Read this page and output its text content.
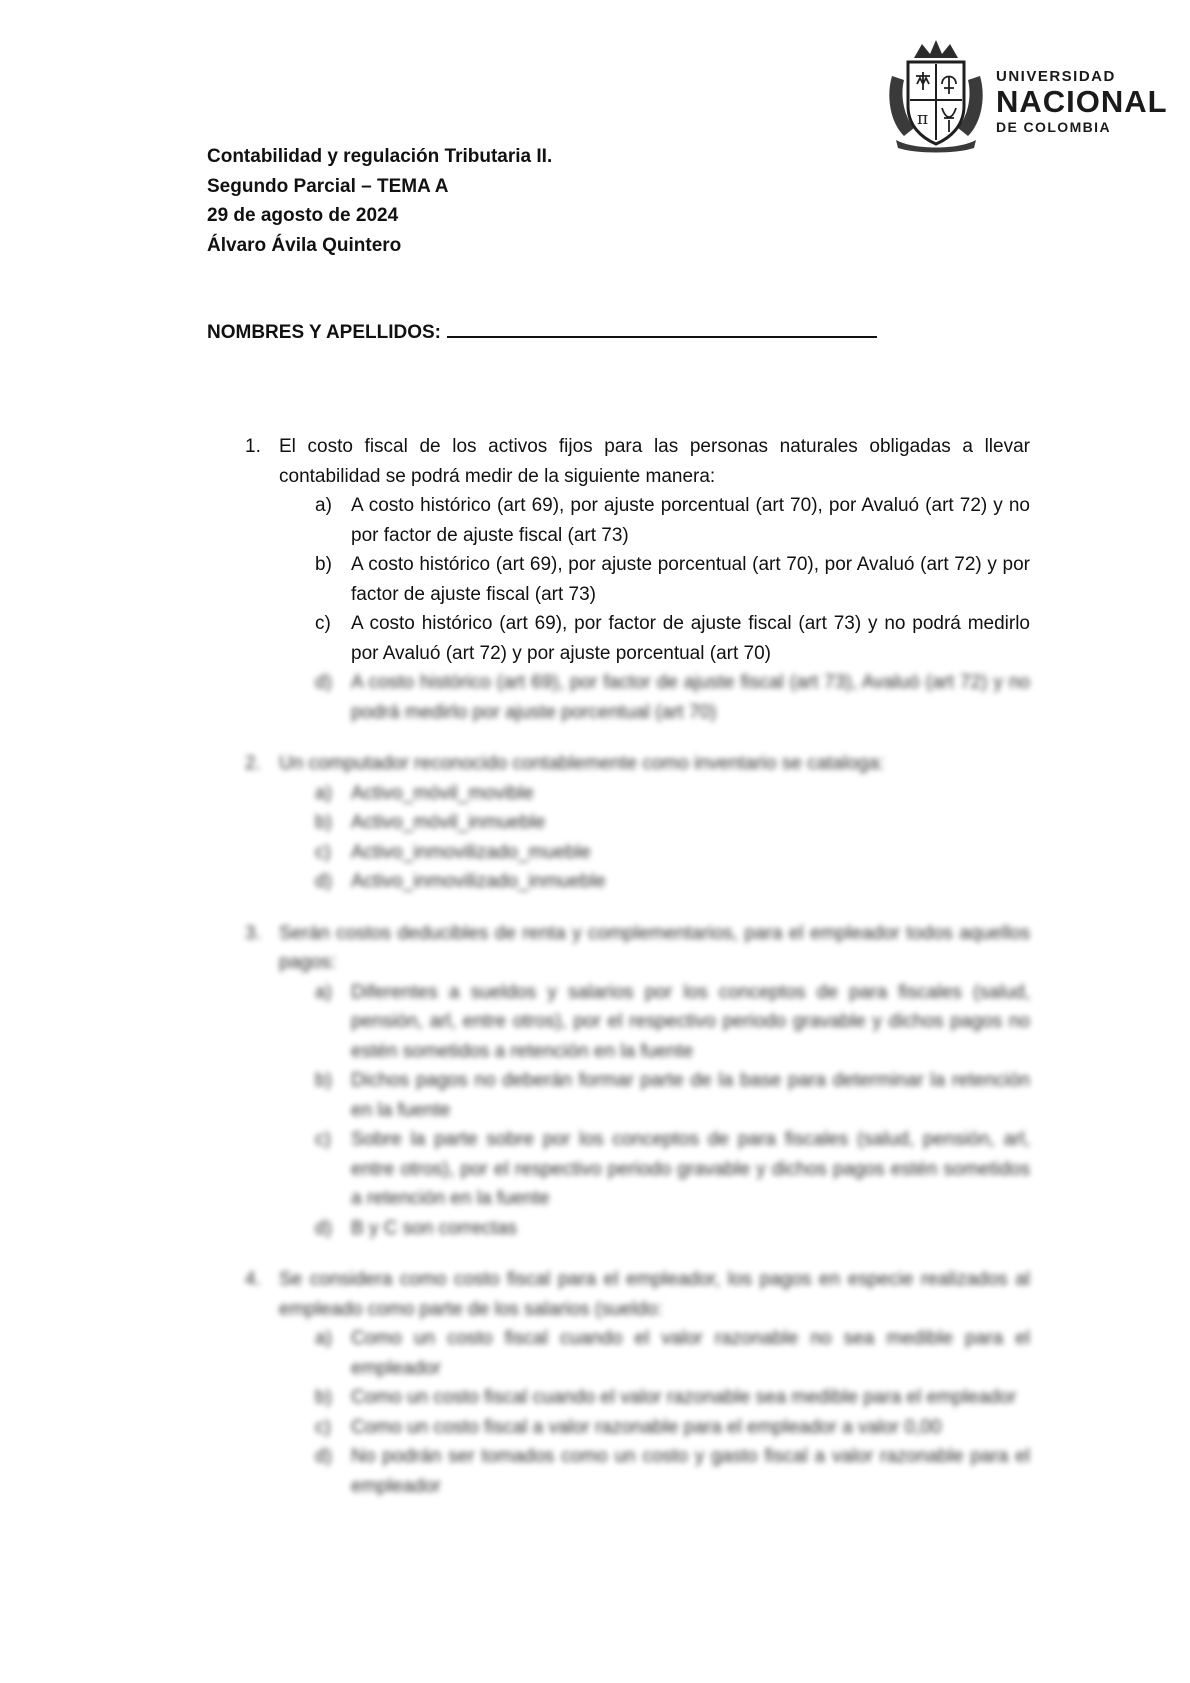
π
UNIVERSIDAD
NACIONAL
DE COLOMBIA
Contabilidad y regulación Tributaria II.
Segundo Parcial – TEMA A
29 de agosto de 2024
Álvaro Ávila Quintero
NOMBRES Y APELLIDOS:
1. El costo fiscal de los activos fijos para las personas naturales obligadas a llevar contabilidad se podrá medir de la siguiente manera:
a) A costo histórico (art 69), por ajuste porcentual (art 70), por Avaluó (art 72) y no por factor de ajuste fiscal (art 73)
b) A costo histórico (art 69), por ajuste porcentual (art 70), por Avaluó (art 72) y por factor de ajuste fiscal (art 73)
c) A costo histórico (art 69), por factor de ajuste fiscal (art 73) y no podrá medirlo por Avaluó (art 72) y por ajuste porcentual (art 70)
d) A costo histórico (art 69), por factor de ajuste fiscal (art 73), Avaluó (art 72) y no podrá medirlo por ajuste porcentual (art 70)
2. Un computador reconocido contablemente como inventario se cataloga:
a) Activo_móvil_movible
b) Activo_móvil_inmueble
c) Activo_inmovilizado_mueble
d) Activo_inmovilizado_inmueble
3. Serán costos deducibles de renta y complementarios, para el empleador todos aquellos pagos:
a) Diferentes a sueldos y salarios por los conceptos de para fiscales (salud, pensión, arl, entre otros), por el respectivo periodo gravable y dichos pagos no estén sometidos a retención en la fuente
b) Dichos pagos no deberán formar parte de la base para determinar la retención en la fuente
c) Sobre la parte sobre por los conceptos de para fiscales (salud, pensión, arl, entre otros), por el respectivo periodo gravable y dichos pagos estén sometidos a retención en la fuente
d) B y C son correctas
4. Se considera como costo fiscal para el empleador, los pagos en especie realizados al empleado como parte de los salarios (sueldo:
a) Como un costo fiscal cuando el valor razonable no sea medible para el empleador
b) Como un costo fiscal cuando el valor razonable sea medible para el empleador
c) Como un costo fiscal a valor razonable para el empleador a valor 0,00
d) No podrán ser tomados como un costo y gasto fiscal a valor razonable para el empleador
